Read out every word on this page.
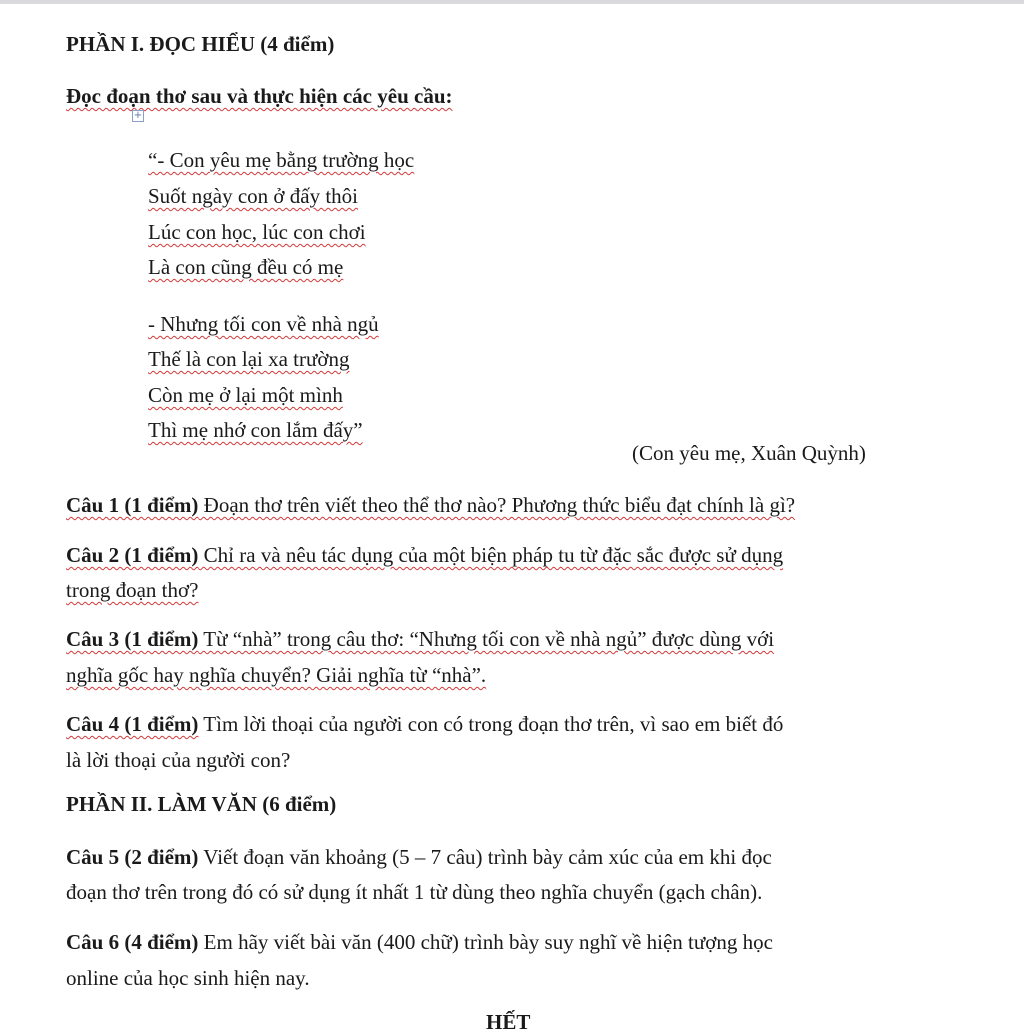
PHẦN I. ĐỌC HIỂU (4 điểm)
Đọc đoạn thơ sau và thực hiện các yêu cầu:
+
“- Con yêu mẹ bằng trường học
Suốt ngày con ở đấy thôi
Lúc con học, lúc con chơi
Là con cũng đều có mẹ
- Nhưng tối con về nhà ngủ
Thế là con lại xa trường
Còn mẹ ở lại một mình
Thì mẹ nhớ con lắm đấy”
(Con yêu mẹ, Xuân Quỳnh)
Câu 1 (1 điểm) Đoạn thơ trên viết theo thể thơ nào? Phương thức biểu đạt chính là gì?
Câu 2 (1 điểm) Chỉ ra và nêu tác dụng của một biện pháp tu từ đặc sắc được sử dụng
trong đoạn thơ?
Câu 3 (1 điểm) Từ “nhà” trong câu thơ: “Nhưng tối con về nhà ngủ” được dùng với
nghĩa gốc hay nghĩa chuyển? Giải nghĩa từ “nhà”.
Câu 4 (1 điểm) Tìm lời thoại của người con có trong đoạn thơ trên, vì sao em biết đó
là lời thoại của người con?
PHẦN II. LÀM VĂN (6 điểm)
Câu 5 (2 điểm) Viết đoạn văn khoảng (5 – 7 câu) trình bày cảm xúc của em khi đọc
đoạn thơ trên trong đó có sử dụng ít nhất 1 từ dùng theo nghĩa chuyển (gạch chân).
Câu 6 (4 điểm) Em hãy viết bài văn (400 chữ) trình bày suy nghĩ về hiện tượng học
online của học sinh hiện nay.
HẾT
